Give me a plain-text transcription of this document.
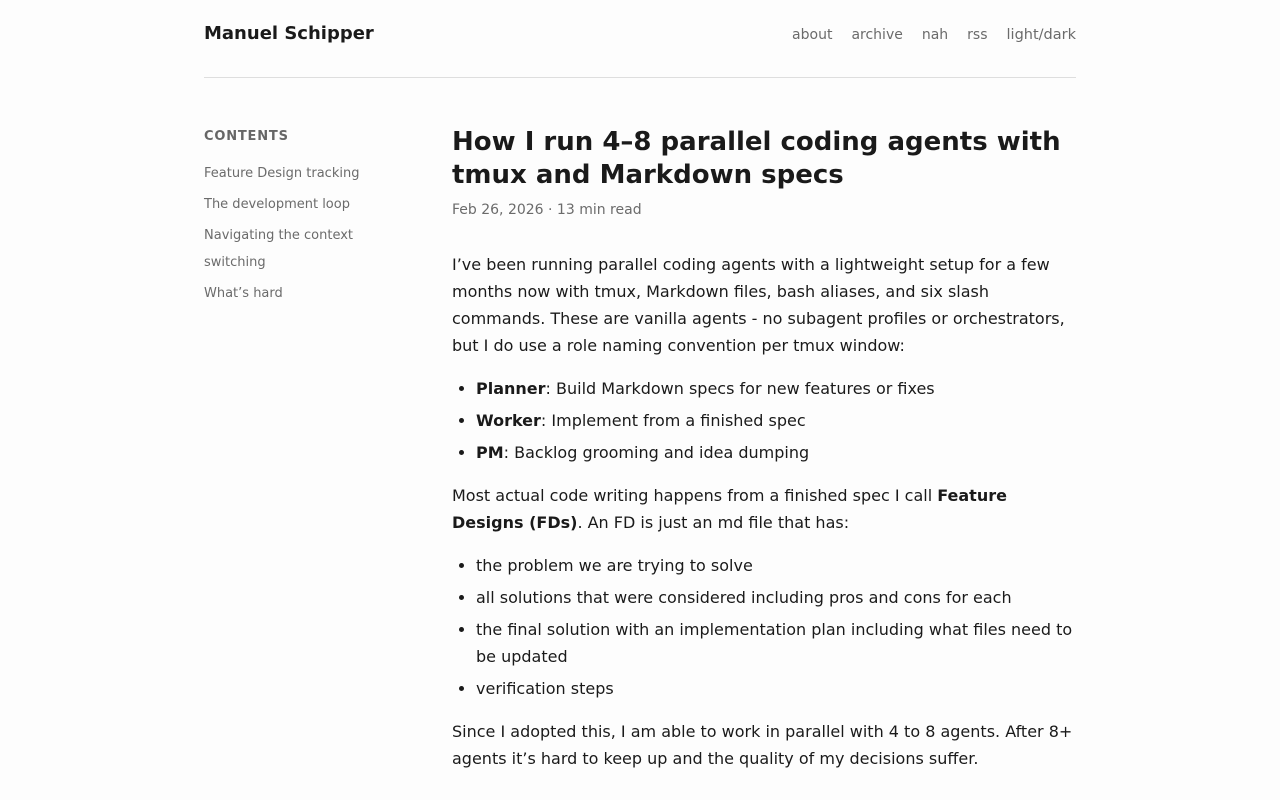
Manuel Schipper	about archive nah rss light/dark
CONTENTS
Feature Design tracking
The development loop
Navigating the context switching
What’s hard
How I run 4–8 parallel coding agents with tmux and Markdown specs
Feb 26, 2026 · 13 min read

I’ve been running parallel coding agents with a lightweight setup for a few months now with tmux, Markdown files, bash aliases, and six slash commands. These are vanilla agents - no subagent profiles or orchestrators, but I do use a role naming convention per tmux window:

• Planner: Build Markdown specs for new features or fixes
• Worker: Implement from a finished spec
• PM: Backlog grooming and idea dumping

Most actual code writing happens from a finished spec I call Feature Designs (FDs). An FD is just an md file that has:

• the problem we are trying to solve
• all solutions that were considered including pros and cons for each
• the final solution with an implementation plan including what files need to be updated
• verification steps

Since I adopted this, I am able to work in parallel with 4 to 8 agents. After 8+ agents it’s hard to keep up and the quality of my decisions suffer.
